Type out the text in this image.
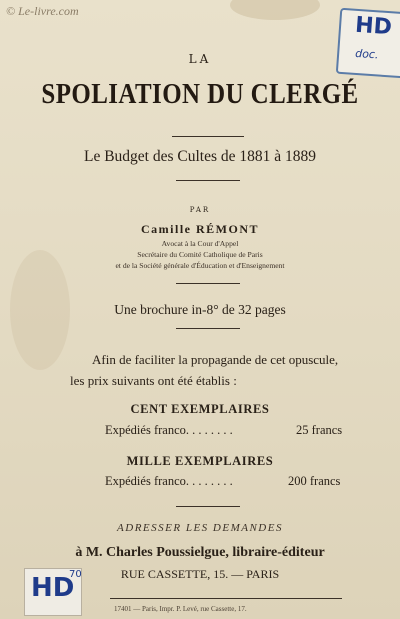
© Le-livre.com
HD
doc.
LA
SPOLIATION DU CLERGÉ
Le Budget des Cultes de 1881 à 1889
PAR
Camille RÉMONT
Avocat à la Cour d'Appel
Secrétaire du Comité Catholique de Paris
et de la Société générale d'Éducation et d'Enseignement
Une brochure in-8° de 32 pages
Afin de faciliter la propagande de cet opuscule,
les prix suivants ont été établis :
CENT EXEMPLAIRES
Expédiés franco. . . . . . . .	25 francs
MILLE EXEMPLAIRES
Expédiés franco. . . . . . . .	200 francs
ADRESSER LES DEMANDES
à M. Charles Poussielgue, libraire-éditeur
RUE CASSETTE, 15. — PARIS
17401 — Paris, Impr. P. Levé, rue Cassette, 17.
HD
70
